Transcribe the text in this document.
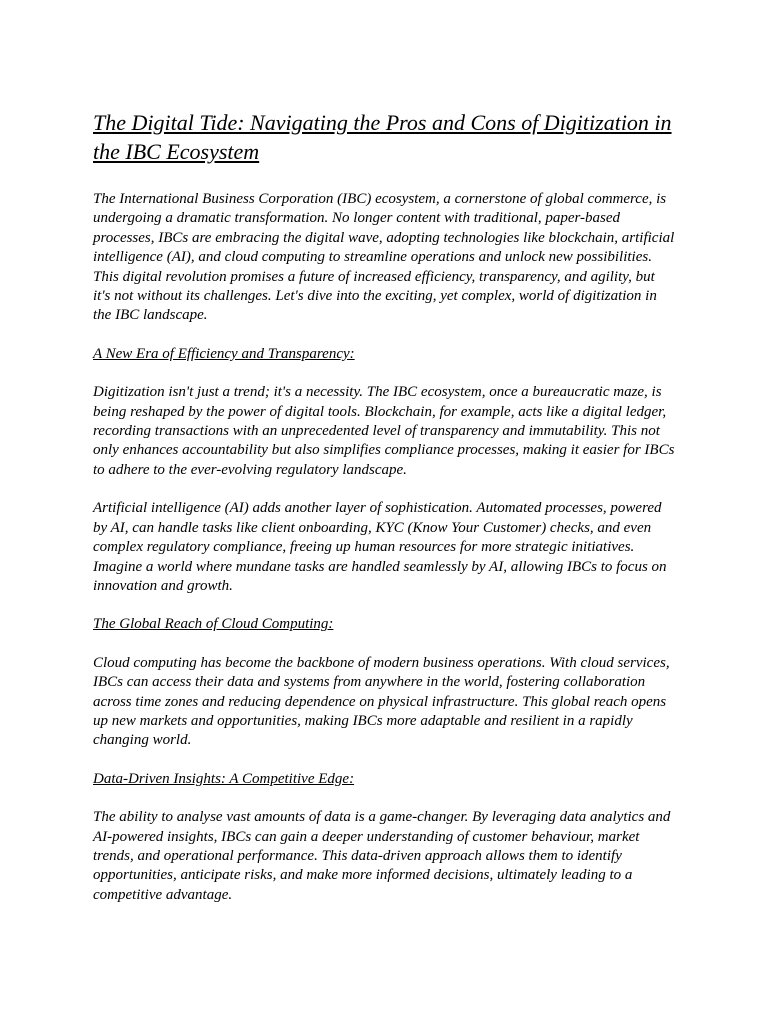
The Digital Tide: Navigating the Pros and Cons of Digitization in the IBC Ecosystem

The International Business Corporation (IBC) ecosystem, a cornerstone of global commerce, is undergoing a dramatic transformation. No longer content with traditional, paper-based processes, IBCs are embracing the digital wave, adopting technologies like blockchain, artificial intelligence (AI), and cloud computing to streamline operations and unlock new possibilities. This digital revolution promises a future of increased efficiency, transparency, and agility, but it's not without its challenges. Let's dive into the exciting, yet complex, world of digitization in the IBC landscape.

A New Era of Efficiency and Transparency:

Digitization isn't just a trend; it's a necessity. The IBC ecosystem, once a bureaucratic maze, is being reshaped by the power of digital tools. Blockchain, for example, acts like a digital ledger, recording transactions with an unprecedented level of transparency and immutability. This not only enhances accountability but also simplifies compliance processes, making it easier for IBCs to adhere to the ever-evolving regulatory landscape.

Artificial intelligence (AI) adds another layer of sophistication. Automated processes, powered by AI, can handle tasks like client onboarding, KYC (Know Your Customer) checks, and even complex regulatory compliance, freeing up human resources for more strategic initiatives. Imagine a world where mundane tasks are handled seamlessly by AI, allowing IBCs to focus on innovation and growth.

The Global Reach of Cloud Computing:

Cloud computing has become the backbone of modern business operations. With cloud services, IBCs can access their data and systems from anywhere in the world, fostering collaboration across time zones and reducing dependence on physical infrastructure. This global reach opens up new markets and opportunities, making IBCs more adaptable and resilient in a rapidly changing world.

Data-Driven Insights: A Competitive Edge:

The ability to analyse vast amounts of data is a game-changer. By leveraging data analytics and AI-powered insights, IBCs can gain a deeper understanding of customer behaviour, market trends, and operational performance. This data-driven approach allows them to identify opportunities, anticipate risks, and make more informed decisions, ultimately leading to a competitive advantage.
